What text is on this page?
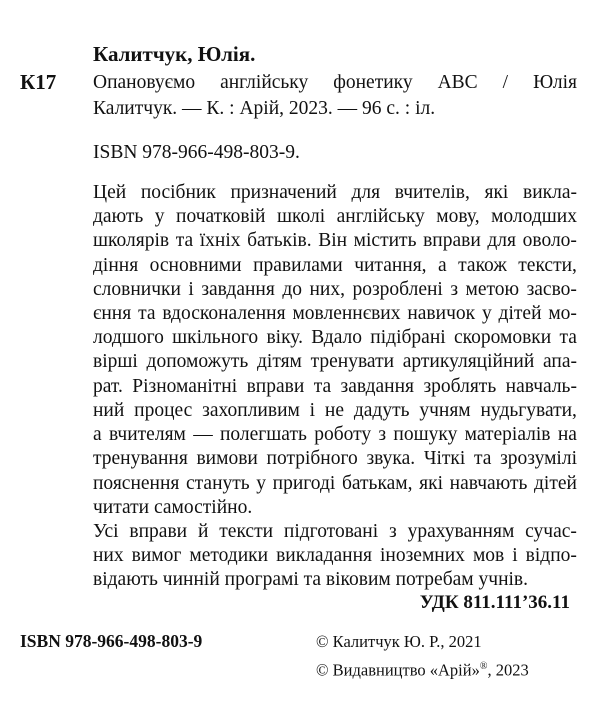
Калитчук, Юлія.
К17 Опановуємо англійську фонетику АВС / Юлія
Калитчук. — К. : Арій, 2023. — 96 с. : іл.
ISBN 978-966-498-803-9.
Цей посібник призначений для вчителів, які викла-
дають у початковій школі англійську мову, молодших
школярів та їхніх батьків. Він містить вправи для оволо-
діння основними правилами читання, а також тексти,
словнички і завдання до них, розроблені з метою засво-
єння та вдосконалення мовленнєвих навичок у дітей мо-
лодшого шкільного віку. Вдало підібрані скоромовки та
вірші допоможуть дітям тренувати артикуляційний апа-
рат. Різноманітні вправи та завдання зроблять навчаль-
ний процес захопливим і не дадуть учням нудьгувати,
а вчителям — полегшать роботу з пошуку матеріалів на
тренування вимови потрібного звука. Чіткі та зрозумілі
пояснення стануть у пригоді батькам, які навчають дітей
читати самостійно.
Усі вправи й тексти підготовані з урахуванням сучас-
них вимог методики викладання іноземних мов і відпо-
відають чинній програмі та віковим потребам учнів.
УДК 811.111’36.11
ISBN 978-966-498-803-9	© Калитчук Ю. Р., 2021
© Видавництво «Арій»®, 2023
